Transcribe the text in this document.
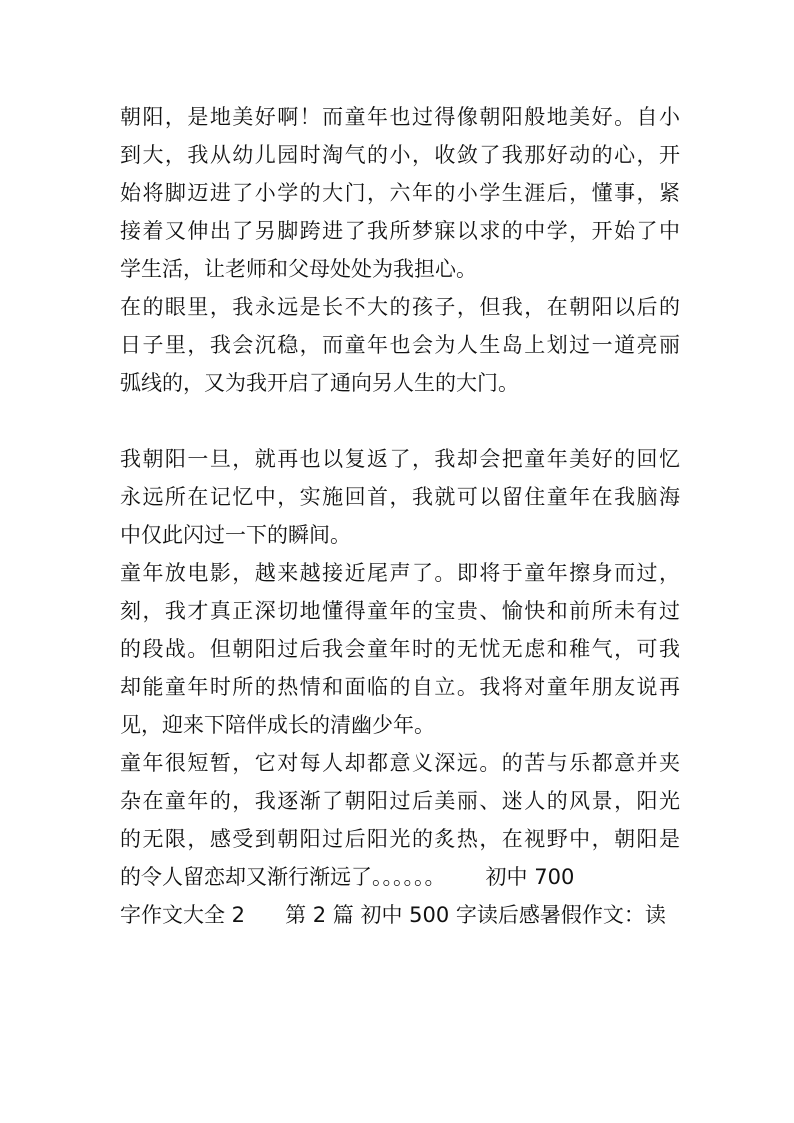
朝阳，是地美好啊！而童年也过得像朝阳般地美好。自小

到大，我从幼儿园时淘气的小，收敛了我那好动的心，开

始将脚迈进了小学的大门，六年的小学生涯后，懂事，紧

接着又伸出了另脚跨进了我所梦寐以求的中学，开始了中

学生活，让老师和父母处处为我担心。

在的眼里，我永远是长不大的孩子，但我，在朝阳以后的

日子里，我会沉稳，而童年也会为人生岛上划过一道亮丽

弧线的，又为我开启了通向另人生的大门。

我朝阳一旦，就再也以复返了，我却会把童年美好的回忆

永远所在记忆中，实施回首，我就可以留住童年在我脑海

中仅此闪过一下的瞬间。

童年放电影，越来越接近尾声了。即将于童年擦身而过，

刻，我才真正深切地懂得童年的宝贵、愉快和前所未有过

的段战。但朝阳过后我会童年时的无忧无虑和稚气，可我

却能童年时所的热情和面临的自立。我将对童年朋友说再

见，迎来下陪伴成长的清幽少年。

童年很短暂，它对每人却都意义深远。的苦与乐都意并夹

杂在童年的，我逐渐了朝阳过后美丽、迷人的风景，阳光

的无限，感受到朝阳过后阳光的炙热，在视野中，朝阳是

的令人留恋却又渐行渐远了。。。。。。      初中 700

字作文大全 2      第 2 篇 初中 500 字读后感暑假作文：读
